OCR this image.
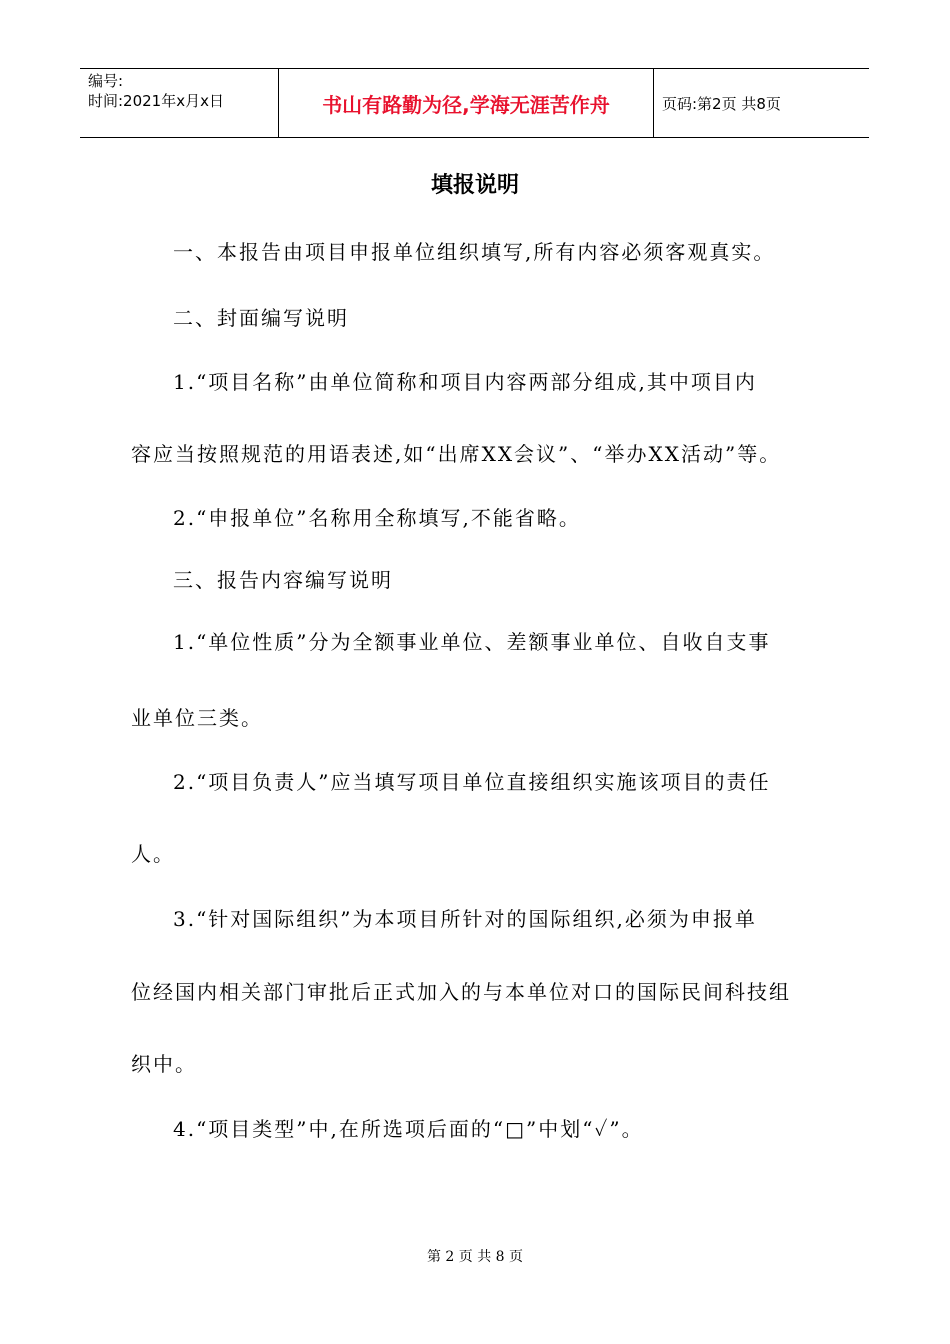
编号:
时间:2021年x月x日	书山有路勤为径,学海无涯苦作舟	页码:第2页 共8页
填报说明
一、本报告由项目申报单位组织填写,所有内容必须客观真实。
二、封面编写说明
1.“项目名称”由单位简称和项目内容两部分组成,其中项目内
容应当按照规范的用语表述,如“出席XX会议”、“举办XX活动”等。
2.“申报单位”名称用全称填写,不能省略。
三、报告内容编写说明
1.“单位性质”分为全额事业单位、差额事业单位、自收自支事
业单位三类。
2.“项目负责人”应当填写项目单位直接组织实施该项目的责任
人。
3.“针对国际组织”为本项目所针对的国际组织,必须为申报单
位经国内相关部门审批后正式加入的与本单位对口的国际民间科技组
织中。
4.“项目类型”中,在所选项后面的“□”中划“✓”。
第 2 页 共 8 页
